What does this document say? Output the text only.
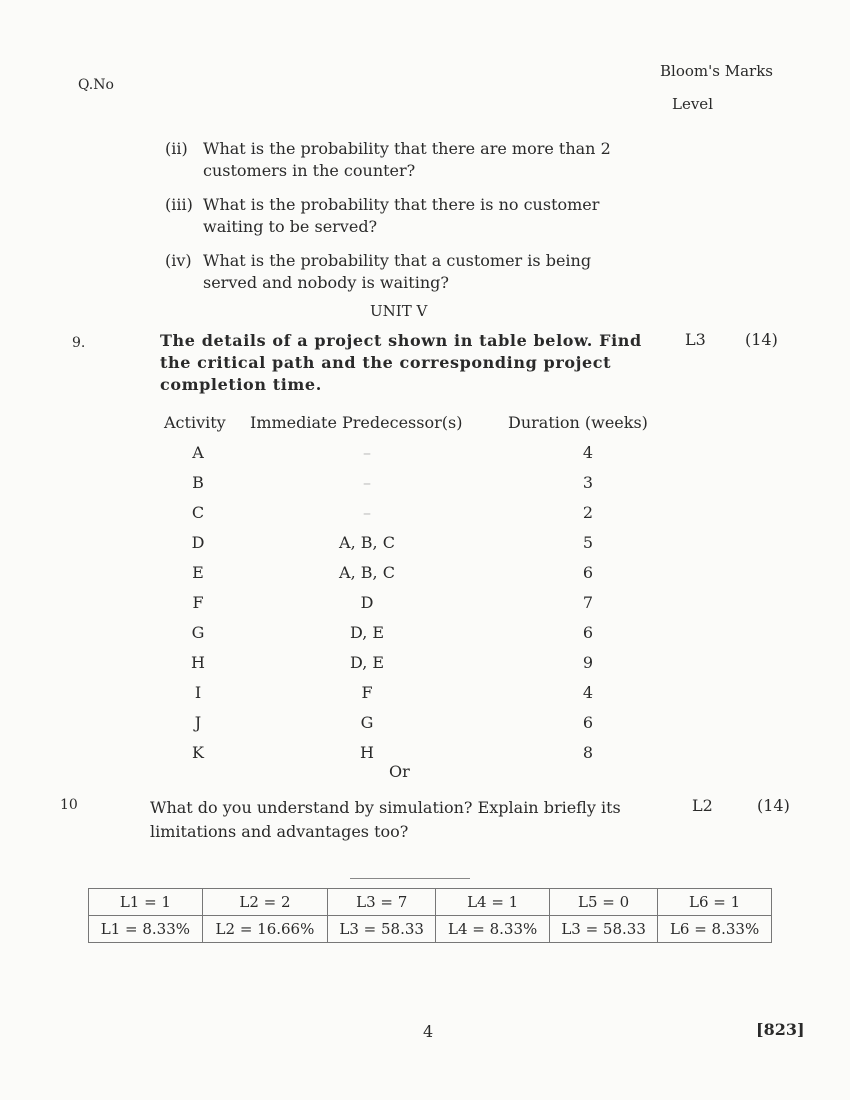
Q.No
Bloom's Marks
Level

(ii) What is the probability that there are more than 2

customers in the counter?

(iii) What is the probability that there is no customer

waiting to be served?

(iv) What is the probability that a customer is being

served and nobody is waiting?

UNIT V
9.	The details of a project shown in table below. Find the critical path and the corresponding project completion time.
L3 (14)
Activity	Immediate Predecessor(s)	Duration (weeks)
A	–	4
B	–	3
C	–	2
D	A, B, C	5
E	A, B, C	6
F	D	7
G	D, E	6
H	D, E	9
I	F	4
J	G	6
K	H	8
Or
10	What do you understand by simulation? Explain briefly its limitations and advantages too?
L2	(14)
L1 = 1	L2 = 2	L3 = 7	L4 = 1	L5 = 0	L6 = 1
L1 = 8.33%	L2 = 16.66%	L3 = 58.33	L4 = 8.33%	L3 = 58.33	L6 = 8.33%
4	[823]
